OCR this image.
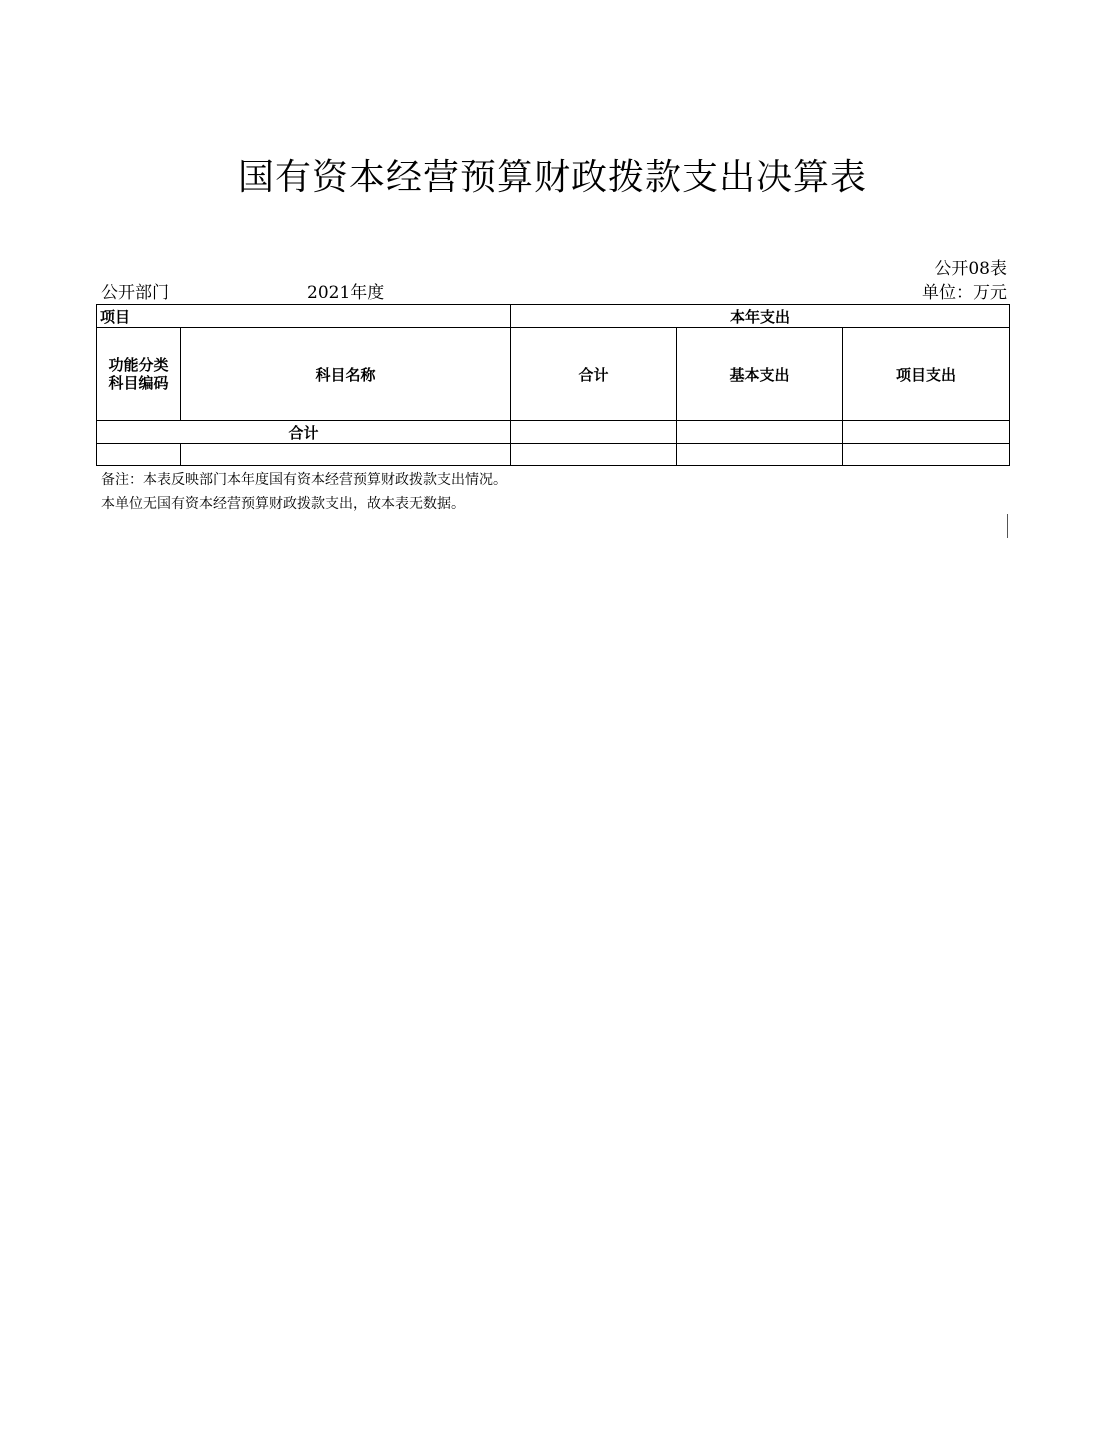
国有资本经营预算财政拨款支出决算表
公开08表
公开部门	2021年度	单位：万元
项目		本年支出		

功能分类
科目编码	科目名称	合计	基本支出	项目支出
合计				

备注：本表反映部门本年度国有资本经营预算财政拨款支出情况。
本单位无国有资本经营预算财政拨款支出，故本表无数据。
